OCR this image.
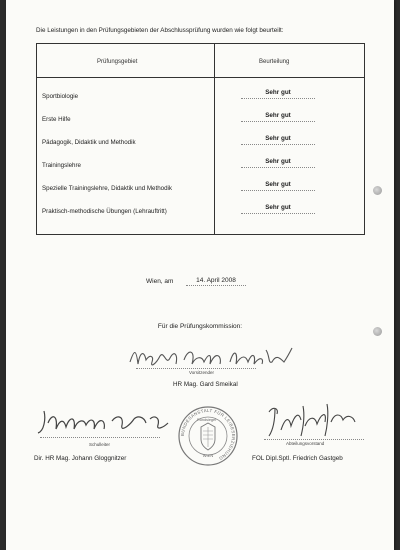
Die Leistungen in den Prüfungsgebieten der Abschlussprüfung wurden wie folgt beurteilt:
Prüfungsgebiet	Beurteilung
Sportbiologie
Sehr gut
Erste Hilfe
Sehr gut
Pädagogik, Didaktik und Methodik
Sehr gut
Trainingslehre
Sehr gut
Spezielle Trainingslehre, Didaktik und Methodik
Sehr gut
Praktisch-methodische Übungen (Lehrauftritt)
Sehr gut
Wien, am	14. April 2008
Für die Prüfungskommission:
Vorsitzender
HR Mag. Gard Smeikal
Schulleiter
Dir. HR Mag. Johann Gloggnitzer
BUNDESANSTALT FÜR LEIBESERZIEHUNG
Rundsiegel
WIEN
Abteilungsvorstand
FOL Dipl.Sptl. Friedrich Gastgeb
